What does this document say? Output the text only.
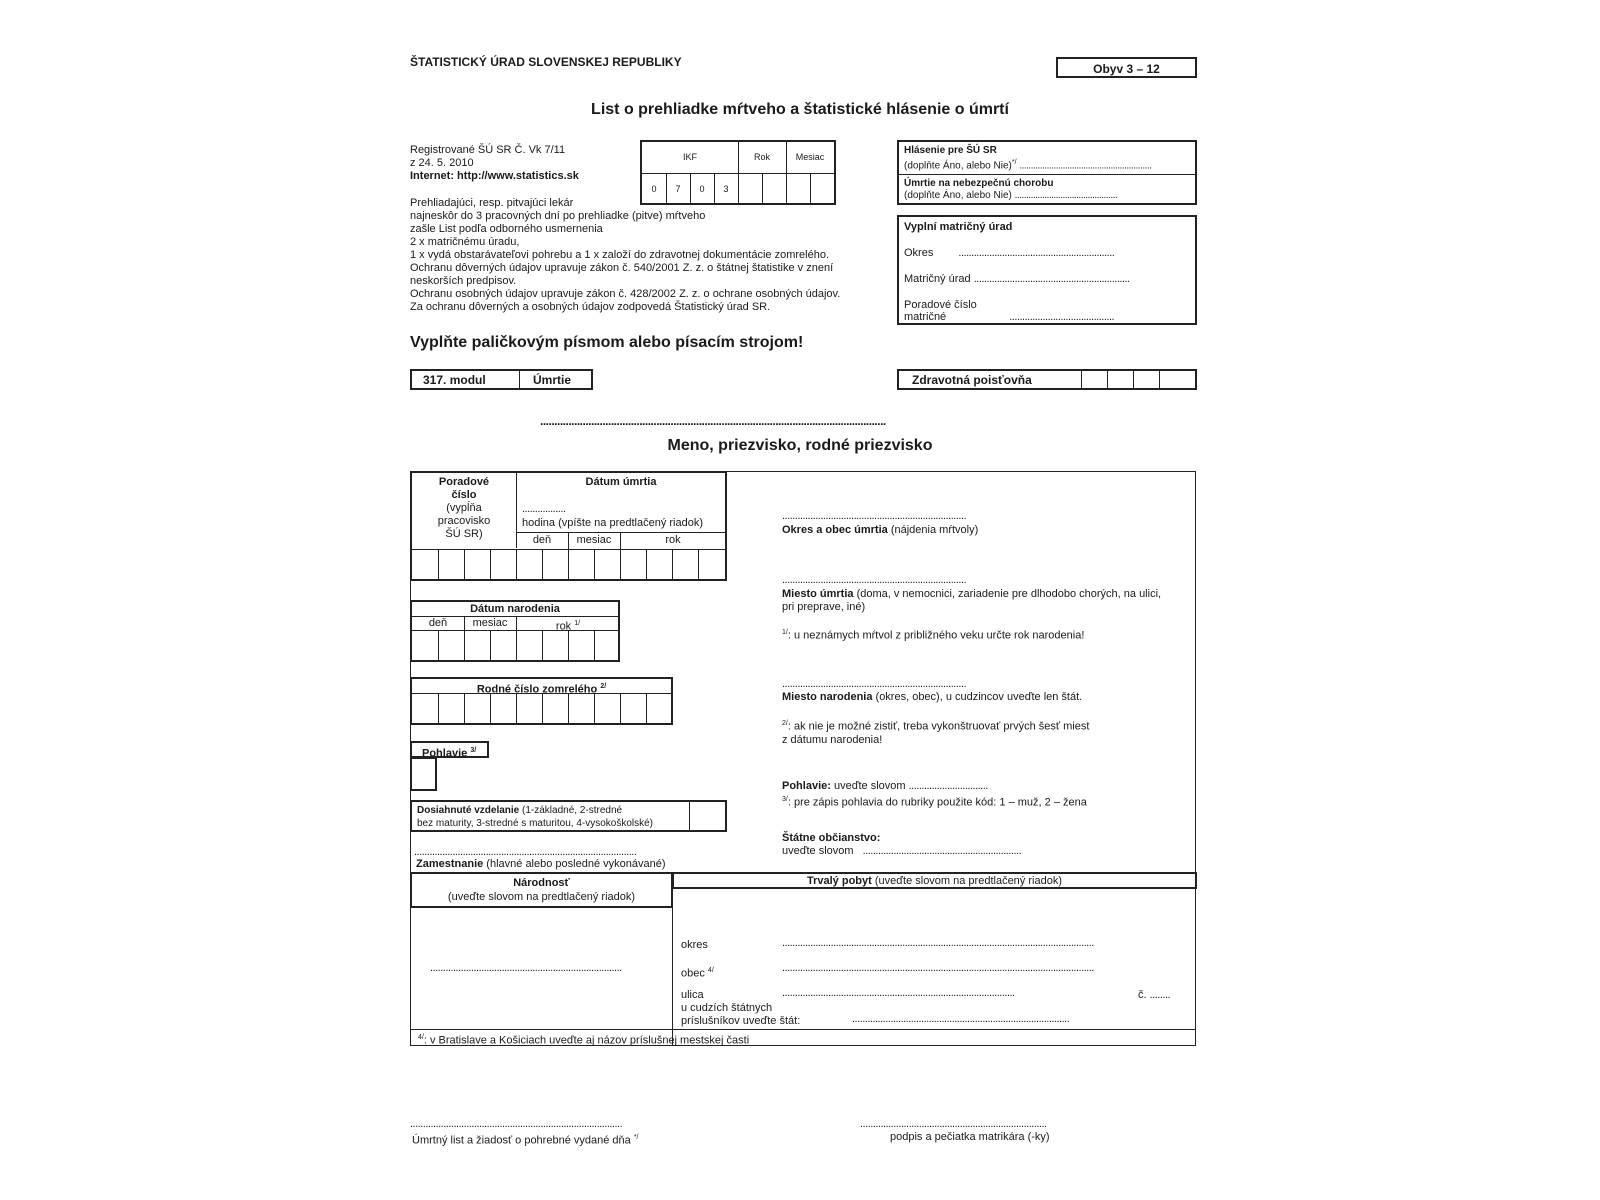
ŠTATISTICKÝ ÚRAD SLOVENSKEJ REPUBLIKY	Obyv 3 – 12
List o prehliadke mŕtveho a štatistické hlásenie o úmrtí
Registrované ŠÚ SR Č. Vk 7/11
z 24. 5. 2010
Internet: http://www.statistics.sk
Prehliadajúci, resp. pitvajúci lekár
najneskôr do 3 pracovných dní po prehliadke (pitve) mŕtveho
zašle List podľa odborného usmernenia
2 x matričnému úradu,
1 x vydá obstarávateľovi pohrebu a 1 x založí do zdravotnej dokumentácie zomrelého.
Ochranu dôverných údajov upravuje zákon č. 540/2001 Z. z. o štátnej štatistike v znení
neskorších predpisov.
Ochranu osobných údajov upravuje zákon č. 428/2002 Z. z. o ochrane osobných údajov.
Za ochranu dôverných a osobných údajov zodpovedá Štatistický úrad SR.
IKF	Rok	Mesiac
0	7	0	3
Hlásenie pre ŠÚ SR
(doplňte Áno, alebo Nie)*/ ..........................................................
Úmrtie na nebezpečnú chorobu
(doplňte Áno, alebo Nie) .............................................
Vyplní matričný úrad
Okres .............................................................
Matričný úrad .............................................................
Poradové číslo
matričné	.........................................
Vyplňte paličkovým písmom alebo písacím strojom!
317. modul	Úmrtie	Zdravotná poisťovňa
..........................................................................................................................
Meno, priezvisko, rodné priezvisko
Poradové
číslo
(vypĺňa
pracovisko
ŠÚ SR)
Dátum úmrtia
.................
hodina (vpíšte na predtlačený riadok)
deň	mesiac	rok
Dátum narodenia
deň	mesiac	rok $^{1/}$
Rodné číslo zomrelého $^{2/}$
Pohlavie $^{3/}$
Dosiahnuté vzdelanie (1-základné, 2-stredné
bez maturity, 3-stredné s maturitou, 4-vysokoškolské)
.......................................................................................
Zamestnanie (hlavné alebo posledné vykonávané)
Národnosť
(uveďte slovom na predtlačený riadok)
...........................................................................
Trvalý pobyt (uveďte slovom na predtlačený riadok)
okres	..........................................................................................................................
obec $^{4/}$	..........................................................................................................................
ulica	...........................................................................................	č. ........
u cudzích štátnych
príslušníkov uveďte štát:	.....................................................................................
$^{4/}$: v Bratislave a Košiciach uveďte aj názov príslušnej mestskej časti
........................................................................
Okres a obec úmrtia (nájdenia mŕtvoly)
........................................................................
Miesto úmrtia (doma, v nemocnici, zariadenie pre dlhodobo chorých, na ulici,
pri preprave, iné)
$^{1/}$: u neznámych mŕtvol z približného veku určte rok narodenia!
........................................................................
Miesto narodenia (okres, obec), u cudzincov uveďte len štát.
$^{2/}$: ak nie je možné zistiť, treba vykonštruovať prvých šesť miest
z dátumu narodenia!
Pohlavie: uveďte slovom ...............................
$^{3/}$: pre zápis pohlavia do rubriky použite kód: 1 – muž, 2 – žena
Štátne občianstvo:
uveďte slovom ..............................................................
...................................................................................
Úmrtný list a žiadosť o pohrebné vydané dňa */
.........................................................................
podpis a pečiatka matrikára (-ky)
